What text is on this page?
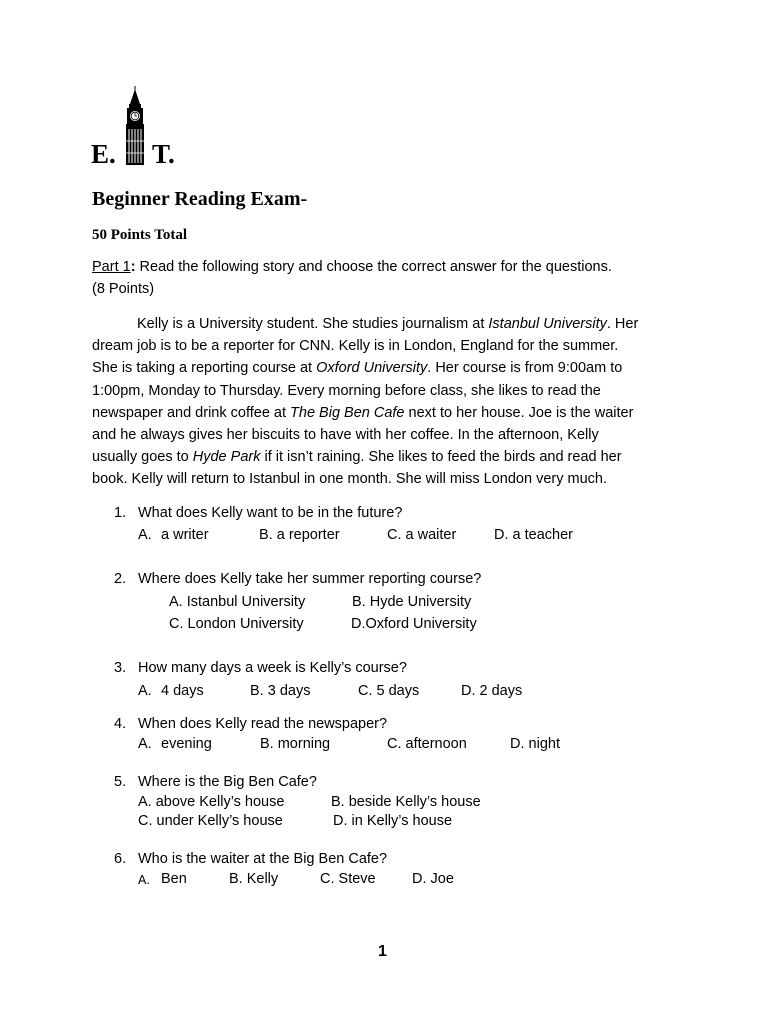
E. T.
Beginner Reading Exam-
50 Points Total
Part 1: Read the following story and choose the correct answer for the questions.
(8 Points)
Kelly is a University student. She studies journalism at Istanbul University. Her
dream job is to be a reporter for CNN. Kelly is in London, England for the summer.
She is taking a reporting course at Oxford University. Her course is from 9:00am to
1:00pm, Monday to Thursday. Every morning before class, she likes to read the
newspaper and drink coffee at The Big Ben Cafe next to her house. Joe is the waiter
and he always gives her biscuits to have with her coffee. In the afternoon, Kelly
usually goes to Hyde Park if it isn’t raining. She likes to feed the birds and read her
book. Kelly will return to Istanbul in one month. She will miss London very much.
1. What does Kelly want to be in the future?
A. a writer	B. a reporter	C. a waiter	D. a teacher
2. Where does Kelly take her summer reporting course?
A. Istanbul University	B. Hyde University
C. London University	D.Oxford University
3. How many days a week is Kelly’s course?
A. 4 days	B. 3 days	C. 5 days	D. 2 days
4. When does Kelly read the newspaper?
A. evening	B. morning	C. afternoon	D. night
5. Where is the Big Ben Cafe?
A. above Kelly’s house	B. beside Kelly’s house
C. under Kelly’s house	D. in Kelly’s house
6. Who is the waiter at the Big Ben Cafe?
A. Ben	B. Kelly	C. Steve	D. Joe
1
